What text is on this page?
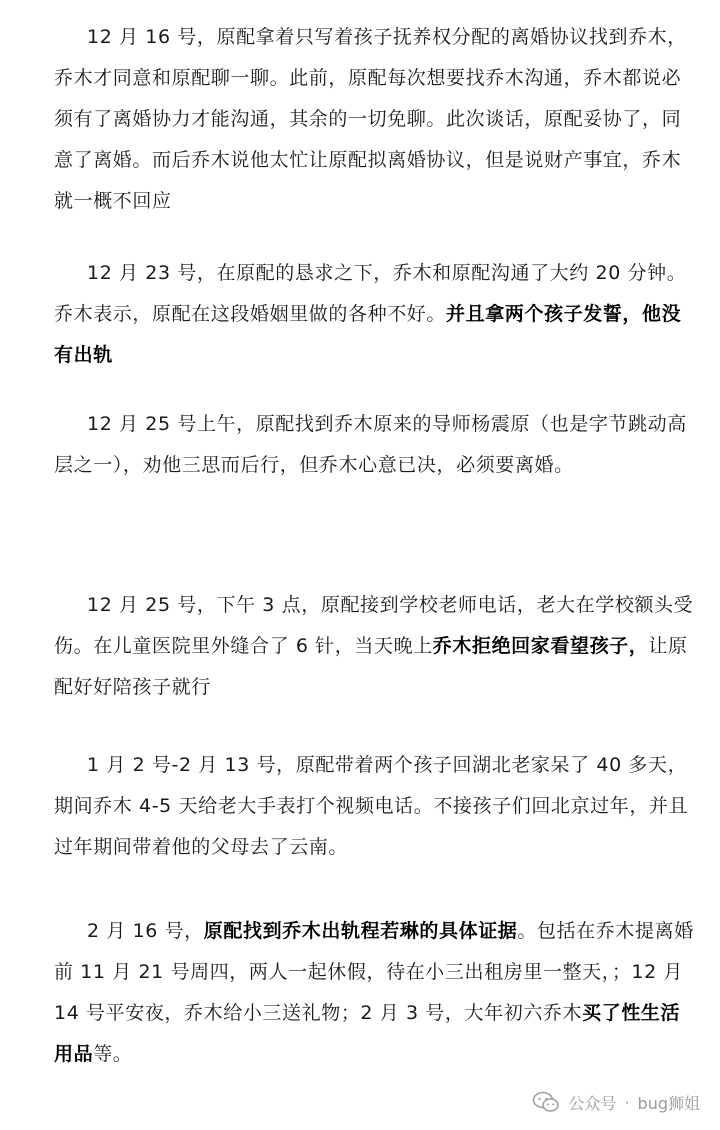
12 月 16 号，原配拿着只写着孩子抚养权分配的离婚协议找到乔木，乔木才同意和原配聊一聊。此前，原配每次想要找乔木沟通，乔木都说必须有了离婚协力才能沟通，其余的一切免聊。此次谈话，原配妥协了，同意了离婚。而后乔木说他太忙让原配拟离婚协议，但是说财产事宜，乔木就一概不回应

12 月 23 号，在原配的恳求之下，乔木和原配沟通了大约 20 分钟。乔木表示，原配在这段婚姻里做的各种不好。并且拿两个孩子发誓，他没有出轨

12 月 25 号上午，原配找到乔木原来的导师杨震原（也是字节跳动高层之一），劝他三思而后行，但乔木心意已决，必须要离婚。

12 月 25 号，下午 3 点，原配接到学校老师电话，老大在学校额头受伤。在儿童医院里外缝合了 6 针，当天晚上乔木拒绝回家看望孩子，让原配好好陪孩子就行

1 月 2 号-2 月 13 号，原配带着两个孩子回湖北老家呆了 40 多天，期间乔木 4-5 天给老大手表打个视频电话。不接孩子们回北京过年，并且过年期间带着他的父母去了云南。

2 月 16 号，原配找到乔木出轨程若琳的具体证据。包括在乔木提离婚前 11 月 21 号周四，两人一起休假，待在小三出租房里一整天，；12 月 14 号平安夜，乔木给小三送礼物；2 月 3 号，大年初六乔木买了性生活用品等。

公众号 · bug狮姐
